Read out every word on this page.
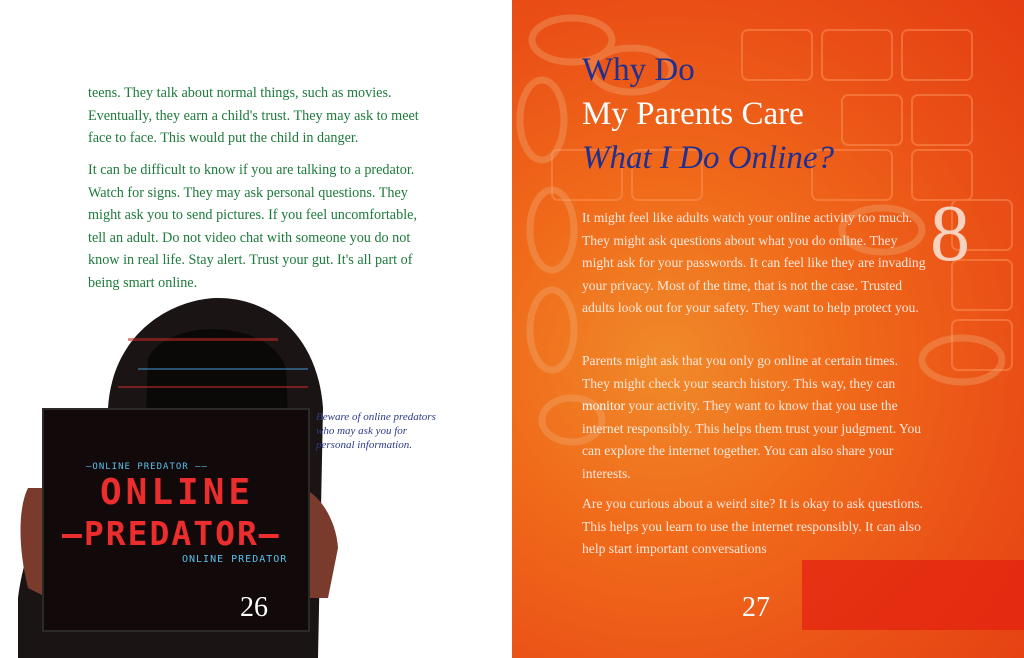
teens. They talk about normal things, such as movies. Eventually, they earn a child's trust. They may ask to meet face to face. This would put the child in danger.

It can be difficult to know if you are talking to a predator. Watch for signs. They may ask personal questions. They might ask you to send pictures. If you feel uncomfortable, tell an adult. Do not video chat with someone you do not know in real life. Stay alert. Trust your gut. It's all part of being smart online.

‒ONLINE PREDATOR ‒‒
ONLINE
‒PREDATOR‒
ONLINE PREDATOR
Beware of online predators who may ask you for personal information.
26
Why Do
My Parents Care
What I Do Online?
8

It might feel like adults watch your online activity too much. They might ask questions about what you do online. They might ask for your passwords. It can feel like they are invading your privacy. Most of the time, that is not the case. Trusted adults look out for your safety. They want to help protect you.

Parents might ask that you only go online at certain times. They might check your search history. This way, they can monitor your activity. They want to know that you use the internet responsibly. This helps them trust your judgment. You can explore the internet together. You can also share your interests.

Are you curious about a weird site? It is okay to ask questions. This helps you learn to use the internet responsibly. It can also help start important conversations

27
